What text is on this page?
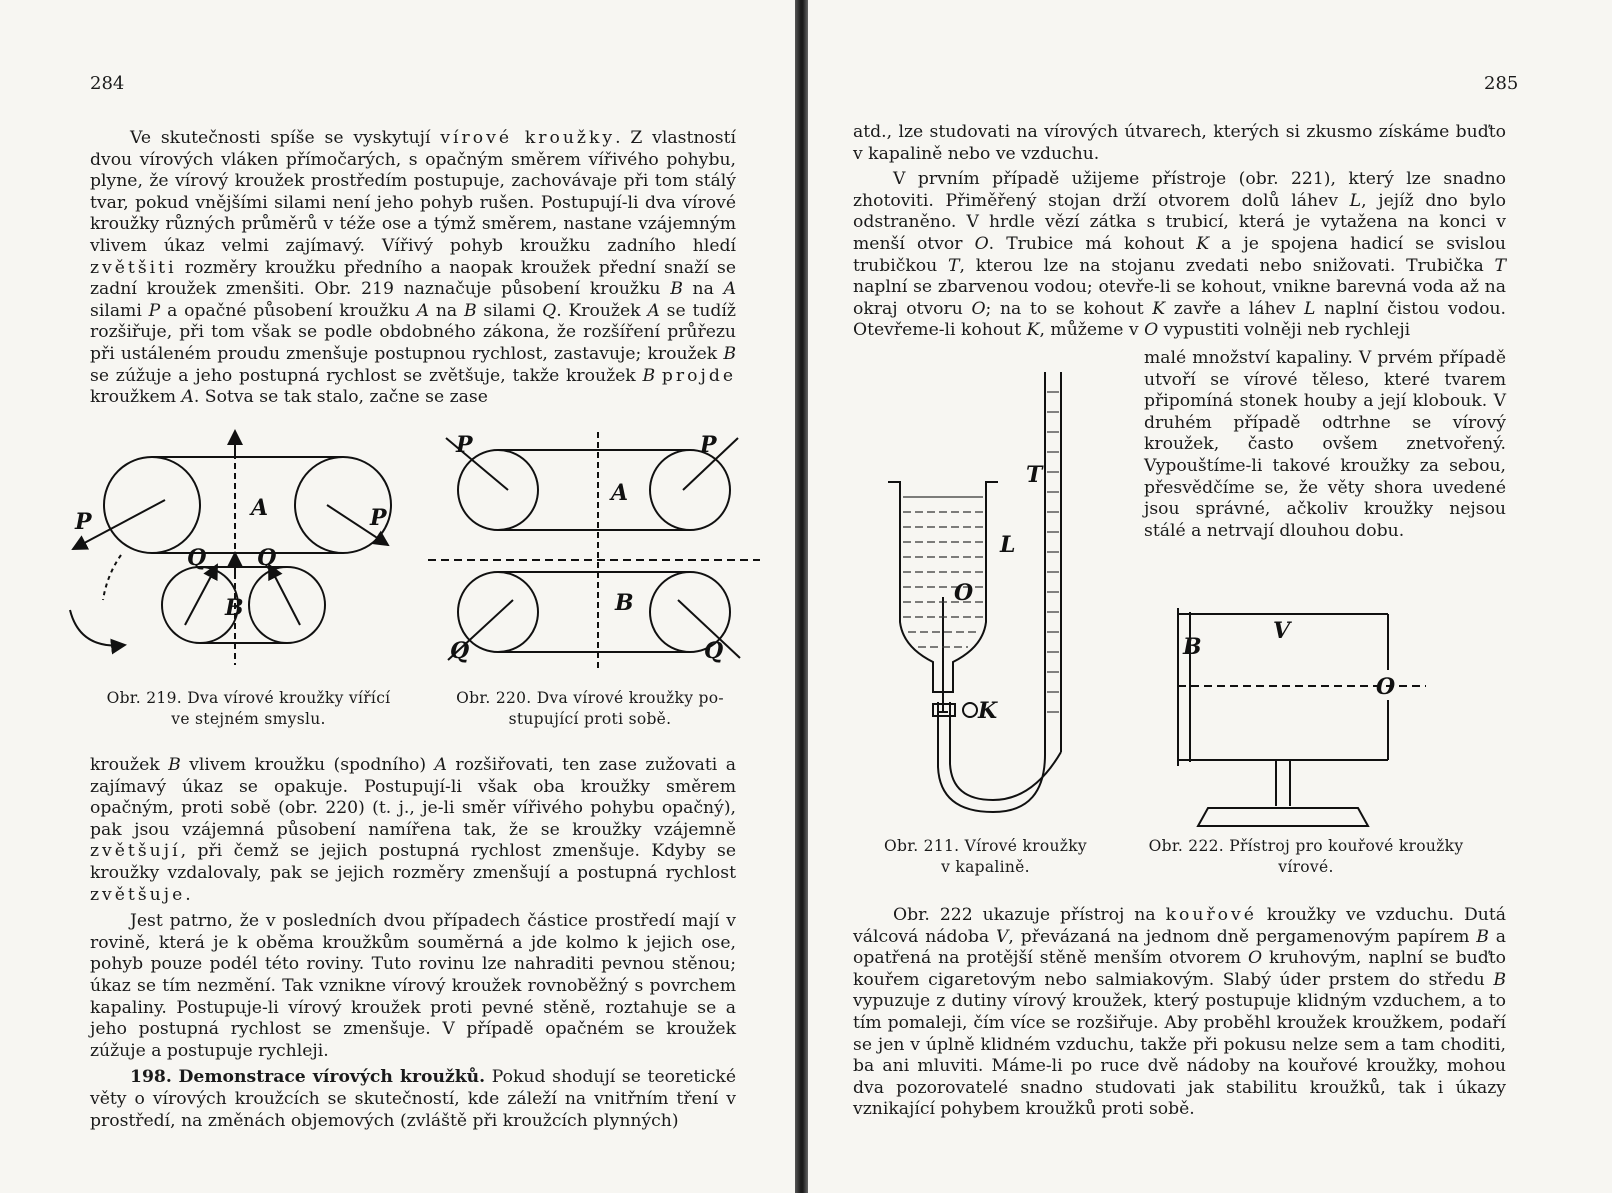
284

Ve skutečnosti spíše se vyskytují vírové kroužky. Z vlastností dvou vírových vláken přímočarých, s opačným směrem vířivého pohybu, plyne, že vírový kroužek prostředím postupuje, zachovávaje při tom stálý tvar, pokud vnějšími silami není jeho pohyb rušen. Postupují-li dva vírové kroužky různých průměrů v téže ose a týmž směrem, nastane vzájemným vlivem úkaz velmi zajímavý. Vířivý pohyb kroužku zadního hledí zvětšiti rozměry kroužku předního a naopak kroužek přední snaží se zadní kroužek zmenšiti. Obr. 219 naznačuje působení kroužku B na A silami P a opačné působení kroužku A na B silami Q. Kroužek A se tudíž rozšiřuje, při tom však se podle obdobného zákona, že rozšíření průřezu při ustáleném proudu zmenšuje postupnou rychlost, zastavuje; kroužek B se zúžuje a jeho postupná rychlost se zvětšuje, takže kroužek B projde kroužkem A. Sotva se tak stalo, začne se zase

P	P
A
Q Q
B
P	P
A
B
Q	Q
Obr. 219. Dva vírové kroužky vířící
ve stejném smyslu.
Obr. 220. Dva vírové kroužky po-
stupující proti sobě.

kroužek B vlivem kroužku (spodního) A rozšiřovati, ten zase zužovati a zajímavý úkaz se opakuje. Postupují-li však oba kroužky směrem opačným, proti sobě (obr. 220) (t. j., je-li směr vířivého pohybu opačný), pak jsou vzájemná působení namířena tak, že se kroužky vzájemně zvětšují, při čemž se jejich postupná rychlost zmenšuje. Kdyby se kroužky vzdalovaly, pak se jejich rozměry zmenšují a postupná rychlost zvětšuje.

Jest patrno, že v posledních dvou případech částice prostředí mají v rovině, která je k oběma kroužkům souměrná a jde kolmo k jejich ose, pohyb pouze podél této roviny. Tuto rovinu lze nahraditi pevnou stěnou; úkaz se tím nezmění. Tak vznikne vírový kroužek rovnoběžný s povrchem kapaliny. Postupuje-li vírový kroužek proti pevné stěně, roztahuje se a jeho postupná rychlost se zmenšuje. V případě opačném se kroužek zúžuje a postupuje rychleji.

198. Demonstrace vírových kroužků. Pokud shodují se teoretické věty o vírových kroužcích se skutečností, kde záleží na vnitřním tření v prostředí, na změnách objemových (zvláště při kroužcích plynných)

285

atd., lze studovati na vírových útvarech, kterých si zkusmo získáme buďto v kapalině nebo ve vzduchu.

V prvním případě užijeme přístroje (obr. 221), který lze snadno zhotoviti. Přiměřený stojan drží otvorem dolů láhev L, jejíž dno bylo odstraněno. V hrdle vězí zátka s trubicí, která je vytažena na konci v menší otvor O. Trubice má kohout K a je spojena hadicí se svislou trubičkou T, kterou lze na stojanu zvedati nebo snižovati. Trubička T naplní se zbarvenou vodou; otevře-li se kohout, vnikne barevná voda až na okraj otvoru O; na to se kohout K zavře a láhev L naplní čistou vodou. Otevřeme-li kohout K, můžeme v O vypustiti volněji neb rychleji

malé množství kapaliny. V prvém případě utvoří se vírové těleso, které tvarem připomíná stonek houby a její klobouk. V druhém případě odtrhne se vírový kroužek, často ovšem znetvořený. Vypouštíme-li takové kroužky za sebou, přesvědčíme se, že věty shora uvedené jsou správné, ačkoliv kroužky nejsou stálé a netrvají dlouhou dobu.

T
L
O
K
V
B
O
Obr. 211. Vírové kroužky
v kapalině.
Obr. 222. Přístroj pro kouřové kroužky
vírové.

Obr. 222 ukazuje přístroj na kouřové kroužky ve vzduchu. Dutá válcová nádoba V, převázaná na jednom dně pergamenovým papírem B a opatřená na protější stěně menším otvorem O kruhovým, naplní se buďto kouřem cigaretovým nebo salmiakovým. Slabý úder prstem do středu B vypuzuje z dutiny vírový kroužek, který postupuje klidným vzduchem, a to tím pomaleji, čím více se rozšiřuje. Aby proběhl kroužek kroužkem, podaří se jen v úplně klidném vzduchu, takže při pokusu nelze sem a tam choditi, ba ani mluviti. Máme-li po ruce dvě nádoby na kouřové kroužky, mohou dva pozorovatelé snadno studovati jak stabilitu kroužků, tak i úkazy vznikající pohybem kroužků proti sobě.
